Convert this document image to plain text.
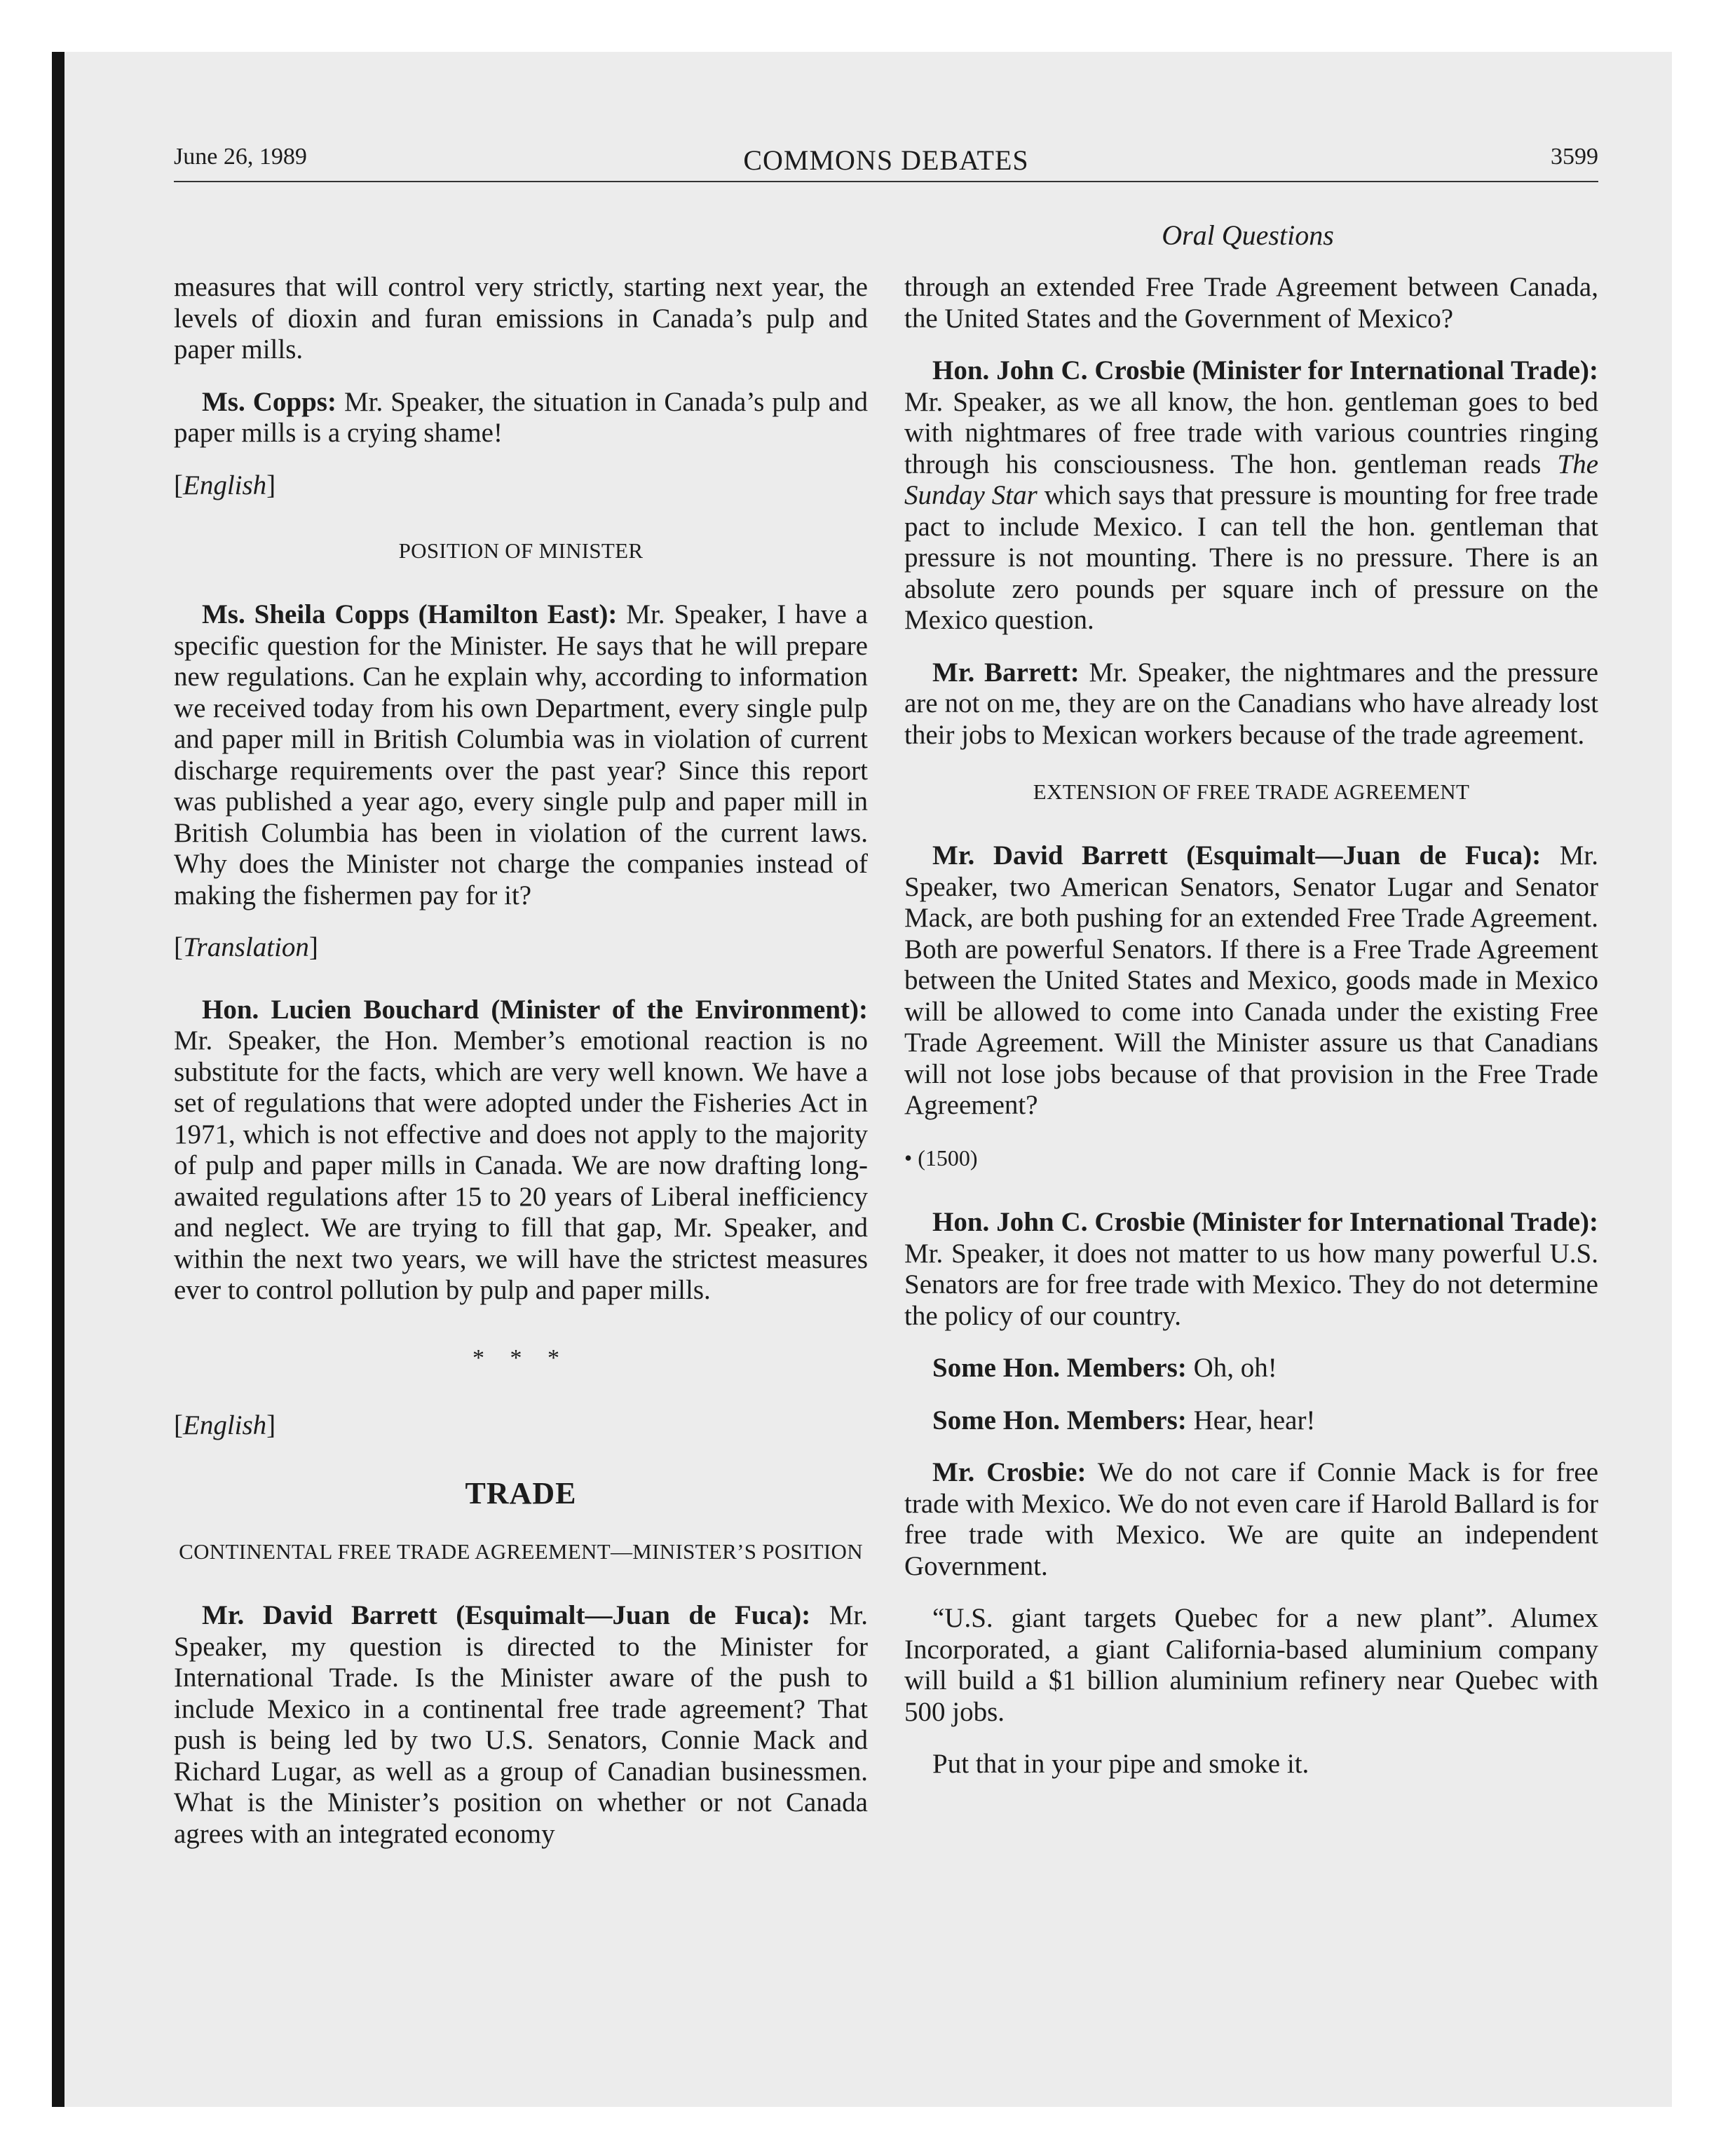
June 26, 1989	COMMONS DEBATES	3599
Oral Questions

measures that will control very strictly, starting next year, the levels of dioxin and furan emissions in Canada’s pulp and paper mills.

Ms. Copps: Mr. Speaker, the situation in Canada’s pulp and paper mills is a crying shame!

[English]
POSITION OF MINISTER

Ms. Sheila Copps (Hamilton East): Mr. Speaker, I have a specific question for the Minister. He says that he will prepare new regulations. Can he explain why, according to information we received today from his own Department, every single pulp and paper mill in British Columbia was in violation of current discharge requirements over the past year? Since this report was published a year ago, every single pulp and paper mill in British Columbia has been in violation of the current laws. Why does the Minister not charge the companies instead of making the fishermen pay for it?

[Translation]

Hon. Lucien Bouchard (Minister of the Environment): Mr. Speaker, the Hon. Member’s emotional reaction is no substitute for the facts, which are very well known. We have a set of regulations that were adopted under the Fisheries Act in 1971, which is not effective and does not apply to the majority of pulp and paper mills in Canada. We are now drafting long-awaited regulations after 15 to 20 years of Liberal inefficiency and neglect. We are trying to fill that gap, Mr. Speaker, and within the next two years, we will have the strictest measures ever to control pollution by pulp and paper mills.

* * *
[English]
TRADE
CONTINENTAL FREE TRADE AGREEMENT—MINISTER’S POSITION

Mr. David Barrett (Esquimalt—Juan de Fuca): Mr. Speaker, my question is directed to the Minister for International Trade. Is the Minister aware of the push to include Mexico in a continental free trade agreement? That push is being led by two U.S. Senators, Connie Mack and Richard Lugar, as well as a group of Canadian businessmen. What is the Minister’s position on whether or not Canada agrees with an integrated economy

through an extended Free Trade Agreement between Canada, the United States and the Government of Mexico?

Hon. John C. Crosbie (Minister for International Trade): Mr. Speaker, as we all know, the hon. gentleman goes to bed with nightmares of free trade with various countries ringing through his consciousness. The hon. gentleman reads The Sunday Star which says that pressure is mounting for free trade pact to include Mexico. I can tell the hon. gentleman that pressure is not mounting. There is no pressure. There is an absolute zero pounds per square inch of pressure on the Mexico question.

Mr. Barrett: Mr. Speaker, the nightmares and the pressure are not on me, they are on the Canadians who have already lost their jobs to Mexican workers because of the trade agreement.

EXTENSION OF FREE TRADE AGREEMENT

Mr. David Barrett (Esquimalt—Juan de Fuca): Mr. Speaker, two American Senators, Senator Lugar and Senator Mack, are both pushing for an extended Free Trade Agreement. Both are powerful Senators. If there is a Free Trade Agreement between the United States and Mexico, goods made in Mexico will be allowed to come into Canada under the existing Free Trade Agreement. Will the Minister assure us that Canadians will not lose jobs because of that provision in the Free Trade Agreement?

• (1500)

Hon. John C. Crosbie (Minister for International Trade): Mr. Speaker, it does not matter to us how many powerful U.S. Senators are for free trade with Mexico. They do not determine the policy of our country.

Some Hon. Members: Oh, oh!

Some Hon. Members: Hear, hear!

Mr. Crosbie: We do not care if Connie Mack is for free trade with Mexico. We do not even care if Harold Ballard is for free trade with Mexico. We are quite an independent Government.

“U.S. giant targets Quebec for a new plant”. Alumex Incorporated, a giant California-based aluminium company will build a $1 billion aluminium refinery near Quebec with 500 jobs.

Put that in your pipe and smoke it.
